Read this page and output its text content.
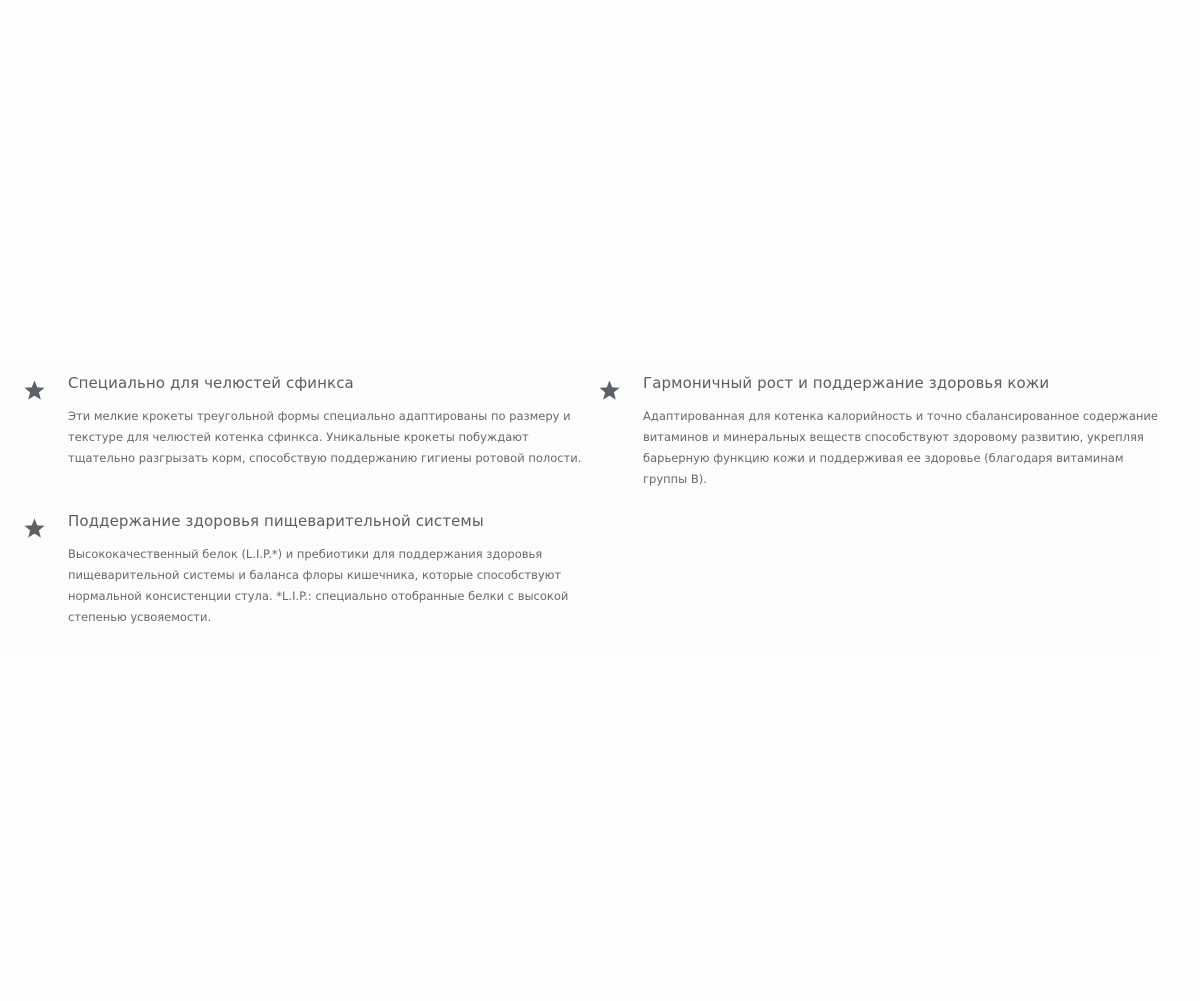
Специально для челюстей сфинкса

Эти мелкие крокеты треугольной формы специально адаптированы по размеру и текстуре для челюстей котенка сфинкса. Уникальные крокеты побуждают тщательно разгрызать корм, способствую поддержанию гигиены ротовой полости.

Гармоничный рост и поддержание здоровья кожи

Адаптированная для котенка калорийность и точно сбалансированное содержание витаминов и минеральных веществ способствуют здоровому развитию, укрепляя барьерную функцию кожи и поддерживая ее здоровье (благодаря витаминам группы В).

Поддержание здоровья пищеварительной системы

Высококачественный белок (L.I.P.*) и пребиотики для поддержания здоровья пищеварительной системы и баланса флоры кишечника, которые способствуют нормальной консистенции стула. *L.I.P.: специально отобранные белки с высокой степенью усвояемости.
